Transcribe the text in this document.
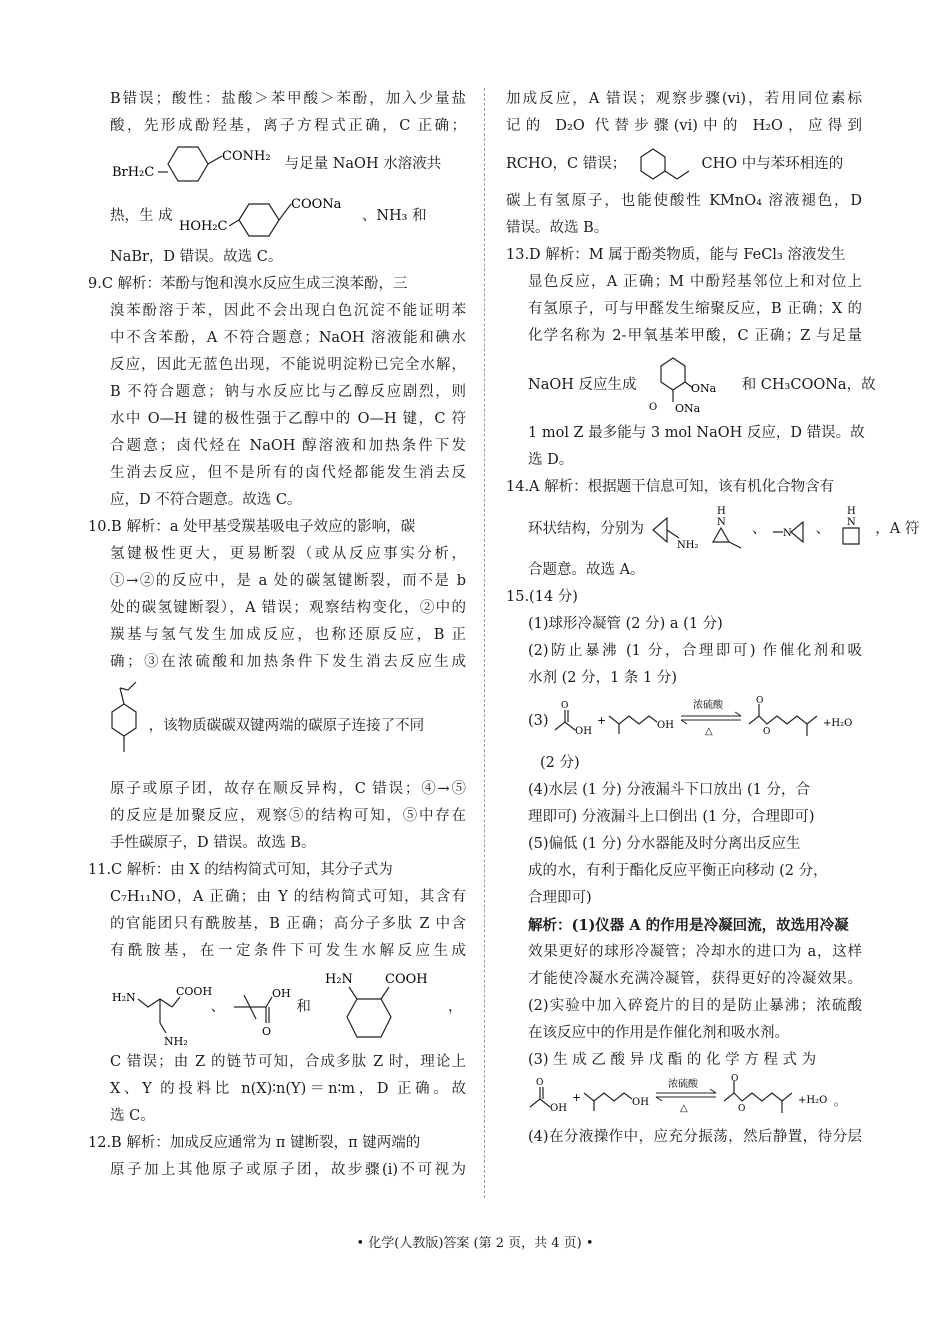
B错误；酸性：盐酸＞苯甲酸＞苯酚，加入少量盐
酸，先形成酚羟基，离子方程式正确，C 正确；
BrH₂C
CONH₂ 与足量 NaOH 水溶液共
热，生 成
HOH₂C
COONa
、NH₃ 和
NaBr，D 错误。故选 C。
9.C 解析：苯酚与饱和溴水反应生成三溴苯酚，三
溴苯酚溶于苯，因此不会出现白色沉淀不能证明苯
中不含苯酚，A 不符合题意；NaOH 溶液能和碘水
反应，因此无蓝色出现，不能说明淀粉已完全水解，
B 不符合题意；钠与水反应比与乙醇反应剧烈，则
水中 O—H 键的极性强于乙醇中的 O—H 键，C 符
合题意；卤代烃在 NaOH 醇溶液和加热条件下发
生消去反应，但不是所有的卤代烃都能发生消去反
应，D 不符合题意。故选 C。
10.B 解析：a 处甲基受羰基吸电子效应的影响，碳
氢键极性更大，更易断裂（或从反应事实分析，
①→②的反应中，是 a 处的碳氢键断裂，而不是 b
处的碳氢键断裂），A 错误；观察结构变化，②中的
羰基与氢气发生加成反应，也称还原反应，B 正
确；③在浓硫酸和加热条件下发生消去反应生成
，该物质碳碳双键两端的碳原子连接了不同
原子或原子团，故存在顺反异构，C 错误；④→⑤
的反应是加聚反应，观察⑤的结构可知，⑤中存在
手性碳原子，D 错误。故选 B。
11.C 解析：由 X 的结构简式可知，其分子式为
C₇H₁₁NO，A 正确；由 Y 的结构简式可知，其含有
的官能团只有酰胺基，B 正确；高分子多肽 Z 中含
有酰胺基，在一定条件下可发生水解反应生成
H₂N	COOH
NH₂
、
OH
O
和
H₂N COOH
，
C 错误；由 Z 的链节可知，合成多肽 Z 时，理论上
X、Y 的投料比 n(X)∶n(Y)＝n∶m，D 正确。故
选 C。
12.B 解析：加成反应通常为 π 键断裂，π 键两端的
原子加上其他原子或原子团，故步骤(i)不可视为
加成反应，A 错误；观察步骤(vi)，若用同位素标
记的 D₂O 代替步骤(vi)中的 H₂O，应得到
RCHO，C 错误；	CHO 中与苯环相连的
碳上有氢原子，也能使酸性 KMnO₄ 溶液褪色，D
错误。故选 B。
13.D 解析：M 属于酚类物质，能与 FeCl₃ 溶液发生
显色反应，A 正确；M 中酚羟基邻位上和对位上
有氢原子，可与甲醛发生缩聚反应，B 正确；X 的
化学名称为 2-甲氧基苯甲酸，C 正确；Z 与足量
NaOH 反应生成	ONa
O ONa
和 CH₃COONa，故
1 mol Z 最多能与 3 mol NaOH 反应，D 错误。故
选 D。
14.A 解析：根据题干信息可知，该有机化合物含有
环状结构，分别为
NH₂

H
N 、 N 、
H
N ，A 符
合题意。故选 A。
15.(14 分)
(1)球形冷凝管 (2 分) a (1 分)
(2)防止暴沸 (1 分，合理即可) 作催化剂和吸
水剂 (2 分，1 条 1 分)
(3)
O
OH
+	OH
浓硫酸
△
O
O
+H₂O
(2 分)
(4)水层 (1 分) 分液漏斗下口放出 (1 分，合
理即可) 分液漏斗上口倒出 (1 分，合理即可)
(5)偏低 (1 分) 分水器能及时分离出反应生
成的水，有利于酯化反应平衡正向移动 (2 分，
合理即可)
解析：(1)仪器 A 的作用是冷凝回流，故选用冷凝
效果更好的球形冷凝管；冷却水的进口为 a，这样
才能使冷凝水充满冷凝管，获得更好的冷凝效果。
(2)实验中加入碎瓷片的目的是防止暴沸；浓硫酸
在该反应中的作用是作催化剂和吸水剂。
(3) 生 成 乙 酸 异 戊 酯 的 化 学 方 程 式 为
O
OH
+	OH
浓硫酸
△
O
O
+H₂O 。
(4)在分液操作中，应充分振荡，然后静置，待分层
• 化学(人教版)答案 (第 2 页，共 4 页) •
